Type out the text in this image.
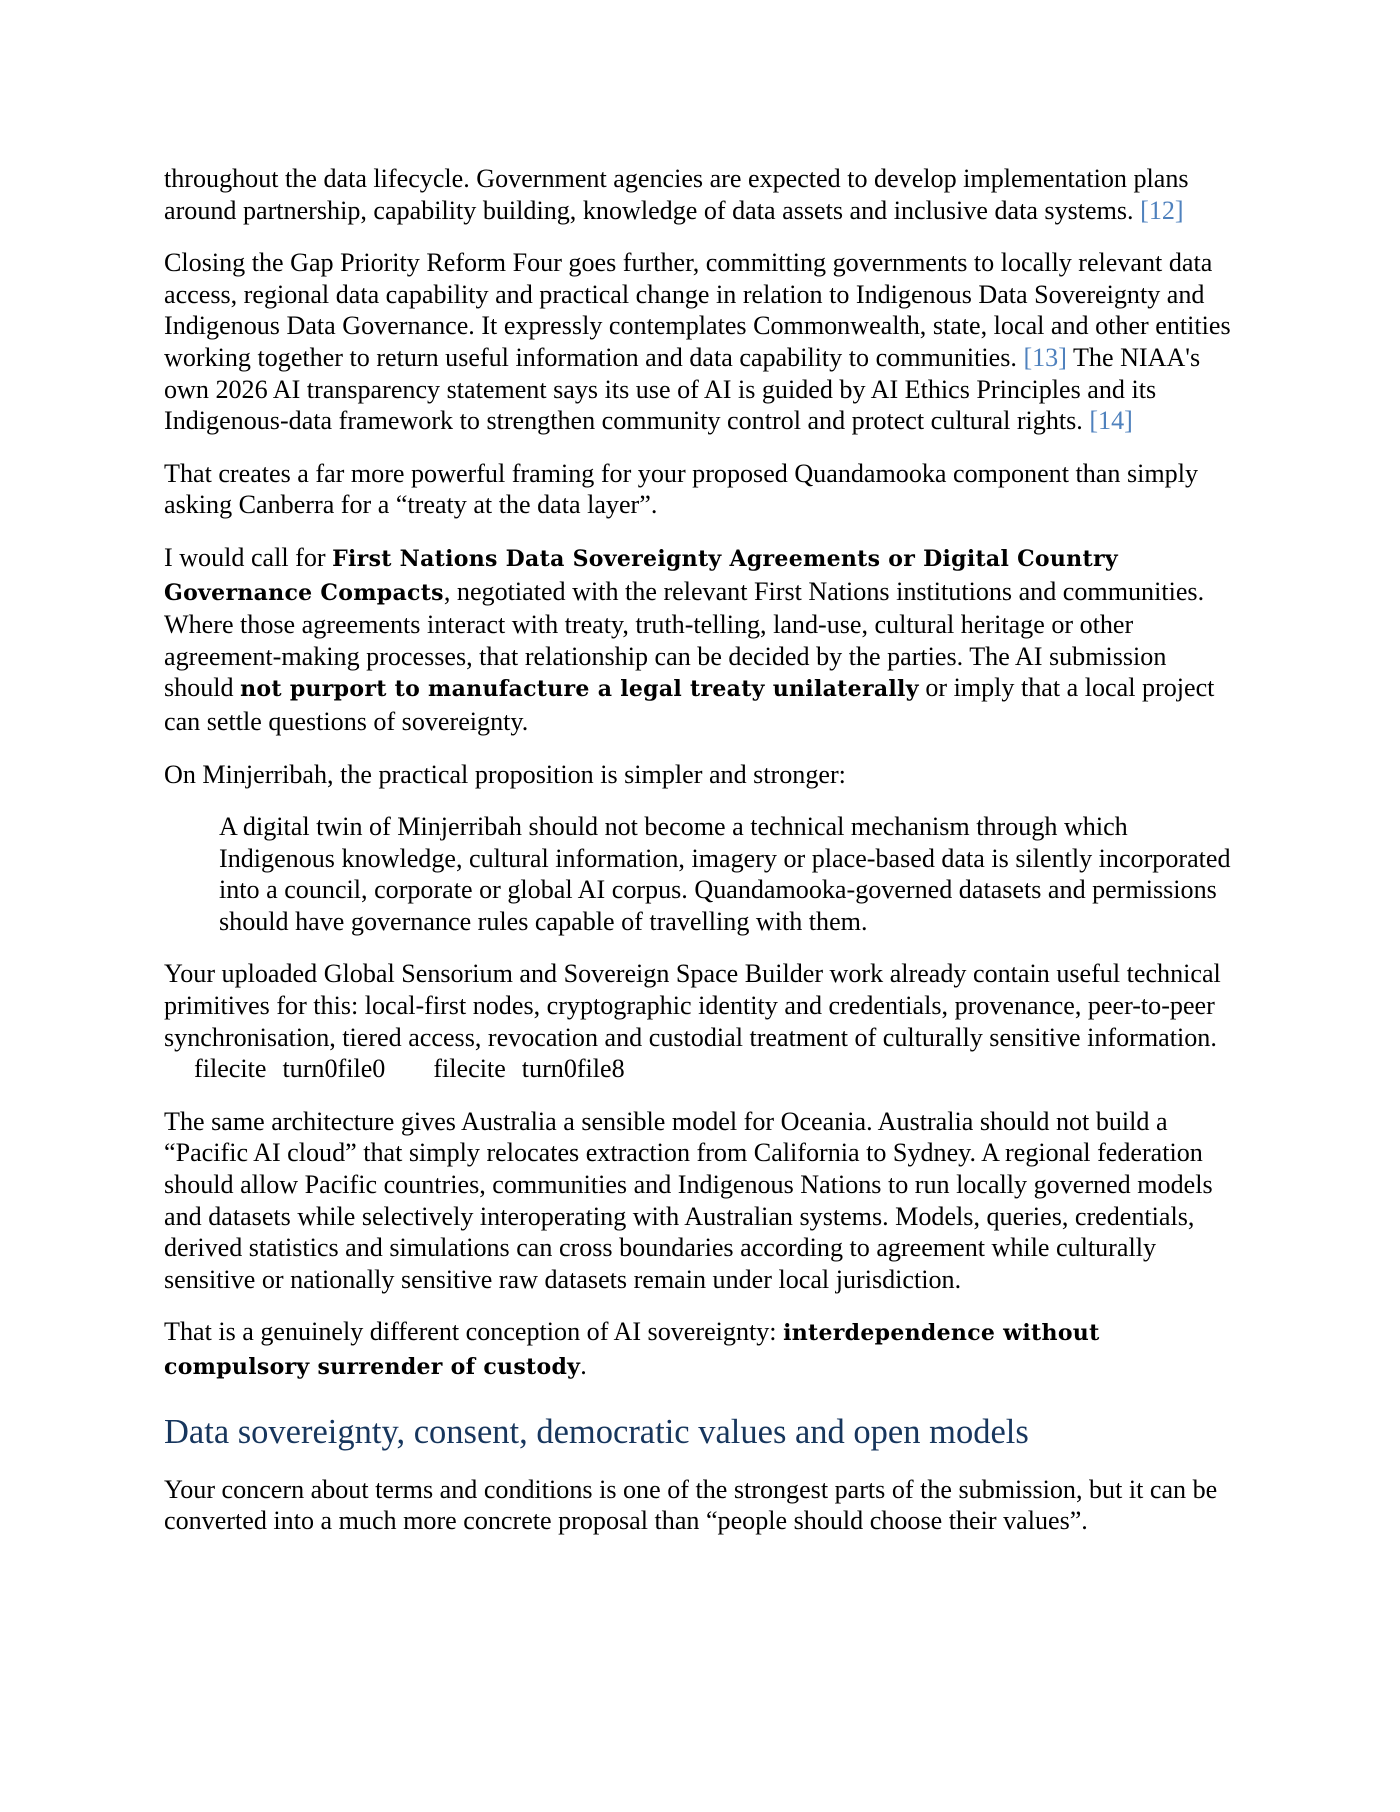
throughout the data lifecycle. Government agencies are expected to develop implementation plans around partnership, capability building, knowledge of data assets and inclusive data systems. [12]

Closing the Gap Priority Reform Four goes further, committing governments to locally relevant data access, regional data capability and practical change in relation to Indigenous Data Sovereignty and Indigenous Data Governance. It expressly contemplates Commonwealth, state, local and other entities working together to return useful information and data capability to communities. [13] The NIAA's own 2026 AI transparency statement says its use of AI is guided by AI Ethics Principles and its Indigenous-data framework to strengthen community control and protect cultural rights. [14]

That creates a far more powerful framing for your proposed Quandamooka component than simply asking Canberra for a “treaty at the data layer”.

I would call for First Nations Data Sovereignty Agreements or Digital Country Governance Compacts, negotiated with the relevant First Nations institutions and communities. Where those agreements interact with treaty, truth-telling, land-use, cultural heritage or other agreement-making processes, that relationship can be decided by the parties. The AI submission should not purport to manufacture a legal treaty unilaterally or imply that a local project can settle questions of sovereignty.

On Minjerribah, the practical proposition is simpler and stronger:

A digital twin of Minjerribah should not become a technical mechanism through which Indigenous knowledge, cultural information, imagery or place-based data is silently incorporated into a council, corporate or global AI corpus. Quandamooka-governed datasets and permissions should have governance rules capable of travelling with them.

Your uploaded Global Sensorium and Sovereign Space Builder work already contain useful technical primitives for this: local-first nodes, cryptographic identity and credentials, provenance, peer-to-peer synchronisation, tiered access, revocation and custodial treatment of culturally sensitive information.filecite turn0file0 filecite turn0file8

The same architecture gives Australia a sensible model for Oceania. Australia should not build a “Pacific AI cloud” that simply relocates extraction from California to Sydney. A regional federation should allow Pacific countries, communities and Indigenous Nations to run locally governed models and datasets while selectively interoperating with Australian systems. Models, queries, credentials, derived statistics and simulations can cross boundaries according to agreement while culturally sensitive or nationally sensitive raw datasets remain under local jurisdiction.

That is a genuinely different conception of AI sovereignty: interdependence without compulsory surrender of custody.

Data sovereignty, consent, democratic values and open models

Your concern about terms and conditions is one of the strongest parts of the submission, but it can be converted into a much more concrete proposal than “people should choose their values”.
